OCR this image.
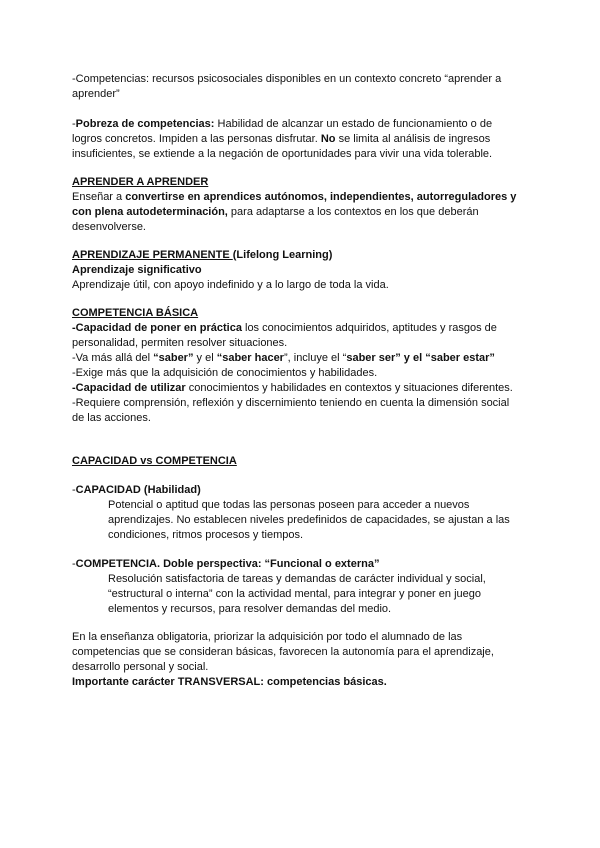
-Competencias: recursos psicosociales disponibles en un contexto concreto “aprender a
aprender”
-Pobreza de competencias: Habilidad de alcanzar un estado de funcionamiento o de
logros concretos. Impiden a las personas disfrutar. No se limita al análisis de ingresos
insuficientes, se extiende a la negación de oportunidades para vivir una vida tolerable.
APRENDER A APRENDER
Enseñar a convertirse en aprendices autónomos, independientes, autorreguladores y
con plena autodeterminación, para adaptarse a los contextos en los que deberán
desenvolverse.
APRENDIZAJE PERMANENTE (Lifelong Learning)
Aprendizaje significativo
Aprendizaje útil, con apoyo indefinido y a lo largo de toda la vida.
COMPETENCIA BÁSICA
-Capacidad de poner en práctica los conocimientos adquiridos, aptitudes y rasgos de
personalidad, permiten resolver situaciones.
-Va más allá del “saber” y el “saber hacer”, incluye el “saber ser” y el “saber estar”
-Exige más que la adquisición de conocimientos y habilidades.
-Capacidad de utilizar conocimientos y habilidades en contextos y situaciones diferentes.
-Requiere comprensión, reflexión y discernimiento teniendo en cuenta la dimensión social
de las acciones.
CAPACIDAD vs COMPETENCIA
-CAPACIDAD (Habilidad)
Potencial o aptitud que todas las personas poseen para acceder a nuevos
aprendizajes. No establecen niveles predefinidos de capacidades, se ajustan a las
condiciones, ritmos procesos y tiempos.
-COMPETENCIA. Doble perspectiva: “Funcional o externa”
Resolución satisfactoria de tareas y demandas de carácter individual y social,
“estructural o interna” con la actividad mental, para integrar y poner en juego
elementos y recursos, para resolver demandas del medio.
En la enseñanza obligatoria, priorizar la adquisición por todo el alumnado de las
competencias que se consideran básicas, favorecen la autonomía para el aprendizaje,
desarrollo personal y social.
Importante carácter TRANSVERSAL: competencias básicas.
